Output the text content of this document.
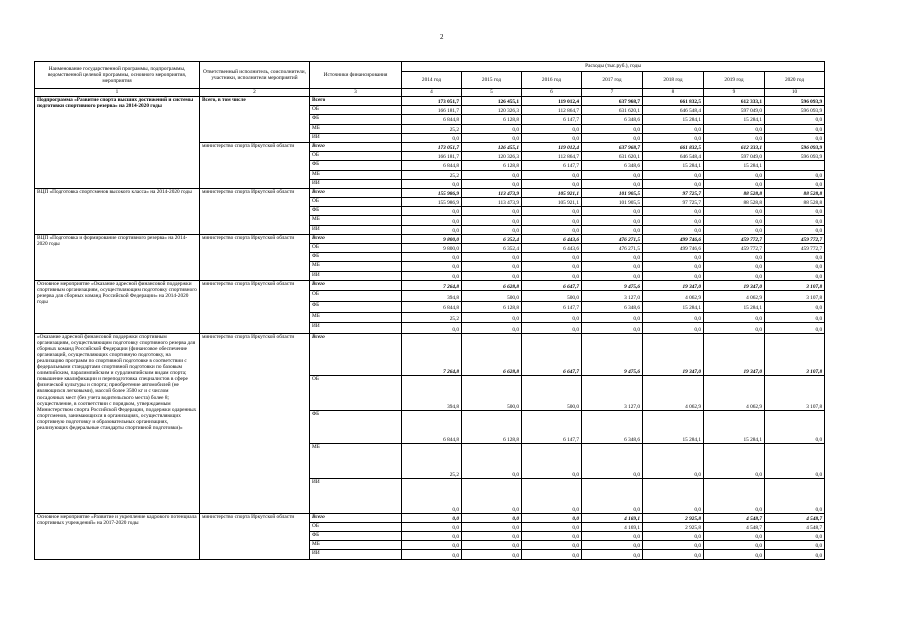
2
Наименование государственной программы, подпрограммы, ведомственной целевой программы, основного мероприятия, мероприятия	Ответственный исполнитель, соисполнители, участники, исполнители мероприятий	Источники финансирования	Расходы (тыс.руб.), годы						
			2014 год	2015 год	2016 год	2017 год	2018 год	2019 год	2020 год
1	2	3	4	5	6	7	8	9	10
Подпрограмма «Развитие спорта высших достижений и системы подготовки спортивного резерва» на 2014-2020 годы	Всего, в том числе	Всего	173 051,7	126 455,1	119 012,4	637 968,7	661 832,5	612 333,1	596 093,9
		ОБ	166 181,7	120 326,3	112 864,7	631 620,1	646 548,4	597 049,0	596 093,9
		ФБ	6 844,8	6 128,8	6 147,7	6 348,6	15 284,1	15 284,1	0,0
		МБ	25,2	0,0	0,0	0,0	0,0	0,0	0,0
		ИИ	0,0	0,0	0,0	0,0	0,0	0,0	0,0
	министерство спорта Иркутской области	Всего	173 051,7	126 455,1	119 012,4	637 968,7	661 832,5	612 333,1	596 093,9
		ОБ	166 181,7	120 326,3	112 864,7	631 620,1	646 548,4	597 049,0	596 093,9
		ФБ	6 844,8	6 128,8	6 147,7	6 348,6	15 284,1	15 284,1	
		МБ	25,2	0,0	0,0	0,0	0,0	0,0	0,0
		ИИ	0,0	0,0	0,0	0,0	0,0	0,0	0,0
ВЦП «Подготовка спортсменов высокого класса» на 2014-2020 годы	министерство спорта Иркутской области	Всего	155 986,9	113 473,9	105 921,1	101 905,5	97 725,7	88 528,8	88 528,8
		ОБ	155 986,9	113 473,9	105 921,1	101 905,5	97 725,7	88 528,8	88 528,8
		ФБ	0,0	0,0	0,0	0,0	0,0	0,0	0,0
		МБ	0,0	0,0	0,0	0,0	0,0	0,0	0,0
		ИИ	0,0	0,0	0,0	0,0	0,0	0,0	0,0
ВЦП «Подготовка и формирование спортивного резерва» на 2014-2020 годы	министерство спорта Иркутской области	Всего	9 800,0	6 352,4	6 443,6	476 271,5	499 746,6	459 772,7	459 772,7
		ОБ	9 800,0	6 352,4	6 443,6	476 271,5	499 746,6	459 772,7	459 772,7
		ФБ	0,0	0,0	0,0	0,0	0,0	0,0	0,0
		МБ	0,0	0,0	0,0	0,0	0,0	0,0	0,0
		ИИ	0,0	0,0	0,0	0,0	0,0	0,0	0,0
Основное мероприятие «Оказание адресной финансовой поддержки спортивным организациям, осуществляющим подготовку спортивного резерва для сборных команд Российской Федерации» на 2014-2020 годы	министерство спорта Иркутской области	Всего	7 264,8	6 628,8	6 647,7	9 475,6	19 347,0	19 347,0	3 107,8
		ОБ	394,8	500,0	500,0	3 127,0	4 062,9	4 062,9	3 107,8
		ФБ	6 844,8	6 128,8	6 147,7	6 348,6	15 284,1	15 284,1	0,0
		МБ	25,2	0,0	0,0	0,0	0,0	0,0	0,0
		ИИ	0,0	0,0	0,0	0,0	0,0	0,0	0,0
«Оказание адресной финансовой поддержки спортивным организациям, осуществляющим подготовку спортивного резерва для сборных команд Российской Федерации (финансовое обеспечение организаций, осуществляющих спортивную подготовку, на реализацию программ по спортивной подготовке в соответствии с федеральными стандартами спортивной подготовки по базовым олимпийским, паралимпийским и сурдлимпийским видам спорта; повышение квалификации и переподготовка специалистов в сфере физической культуры и спорта; приобретение автомобилей (не являющихся легковыми), массой более 3500 кг и с числом посадочных мест (без учета водительского места) более 8; осуществление, в соответствии с порядком, утверждаемым Министерством спорта Российской Федерации, поддержки одаренных спортсменов, занимающихся в организациях, осуществляющих спортивную подготовку и образовательных организациях, реализующих федеральные стандарты спортивной подготовки)»	министерство спорта Иркутской области	Всего	7 264,8	6 628,8	6 647,7	9 475,6	19 347,0	19 347,0	3 107,8
		ОБ	394,8	500,0	500,0	3 127,0	4 062,9	4 062,9	3 107,8
		ФБ	6 844,8	6 128,8	6 147,7	6 348,6	15 284,1	15 284,1	0,0
		МБ	25,2	0,0	0,0	0,0	0,0	0,0	0,0
		ИИ	0,0	0,0	0,0	0,0	0,0	0,0	0,0
Основное мероприятие «Развитие и укрепление кадрового потенциала спортивных учреждений» на 2017-2020 годы	министерство спорта Иркутской области	Всего	0,0	0,0	0,0	4 169,1	2 925,8	4 548,7	4 548,7
		ОБ	0,0	0,0	0,0	4 169,1	2 925,8	4 548,7	4 548,7
		ФБ	0,0	0,0	0,0	0,0	0,0	0,0	0,0
		МБ	0,0	0,0	0,0	0,0	0,0	0,0	0,0
		ИИ	0,0	0,0	0,0	0,0	0,0	0,0	0,0
